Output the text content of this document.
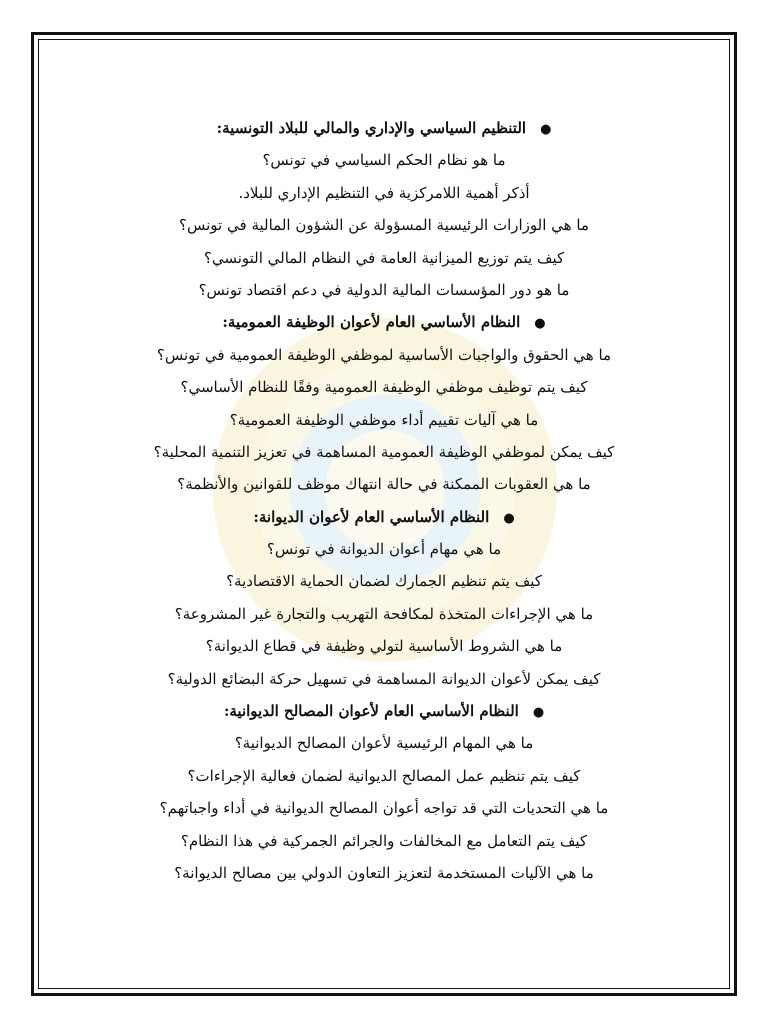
●التنظيم السياسي والإداري والمالي للبلاد التونسية:
ما هو نظام الحكم السياسي في تونس؟
أذكر أهمية اللامركزية في التنظيم الإداري للبلاد.
ما هي الوزارات الرئيسية المسؤولة عن الشؤون المالية في تونس؟
كيف يتم توزيع الميزانية العامة في النظام المالي التونسي؟
ما هو دور المؤسسات المالية الدولية في دعم اقتصاد تونس؟
●النظام الأساسي العام لأعوان الوظيفة العمومية:
ما هي الحقوق والواجبات الأساسية لموظفي الوظيفة العمومية في تونس؟
كيف يتم توظيف موظفي الوظيفة العمومية وفقًا للنظام الأساسي؟
ما هي آليات تقييم أداء موظفي الوظيفة العمومية؟
كيف يمكن لموظفي الوظيفة العمومية المساهمة في تعزيز التنمية المحلية؟
ما هي العقوبات الممكنة في حالة انتهاك موظف للقوانين والأنظمة؟
●النظام الأساسي العام لأعوان الديوانة:
ما هي مهام أعوان الديوانة في تونس؟
كيف يتم تنظيم الجمارك لضمان الحماية الاقتصادية؟
ما هي الإجراءات المتخذة لمكافحة التهريب والتجارة غير المشروعة؟
ما هي الشروط الأساسية لتولي وظيفة في قطاع الديوانة؟
كيف يمكن لأعوان الديوانة المساهمة في تسهيل حركة البضائع الدولية؟
●النظام الأساسي العام لأعوان المصالح الديوانية:
ما هي المهام الرئيسية لأعوان المصالح الديوانية؟
كيف يتم تنظيم عمل المصالح الديوانية لضمان فعالية الإجراءات؟
ما هي التحديات التي قد تواجه أعوان المصالح الديوانية في أداء واجباتهم؟
كيف يتم التعامل مع المخالفات والجرائم الجمركية في هذا النظام؟
ما هي الآليات المستخدمة لتعزيز التعاون الدولي بين مصالح الديوانة؟
